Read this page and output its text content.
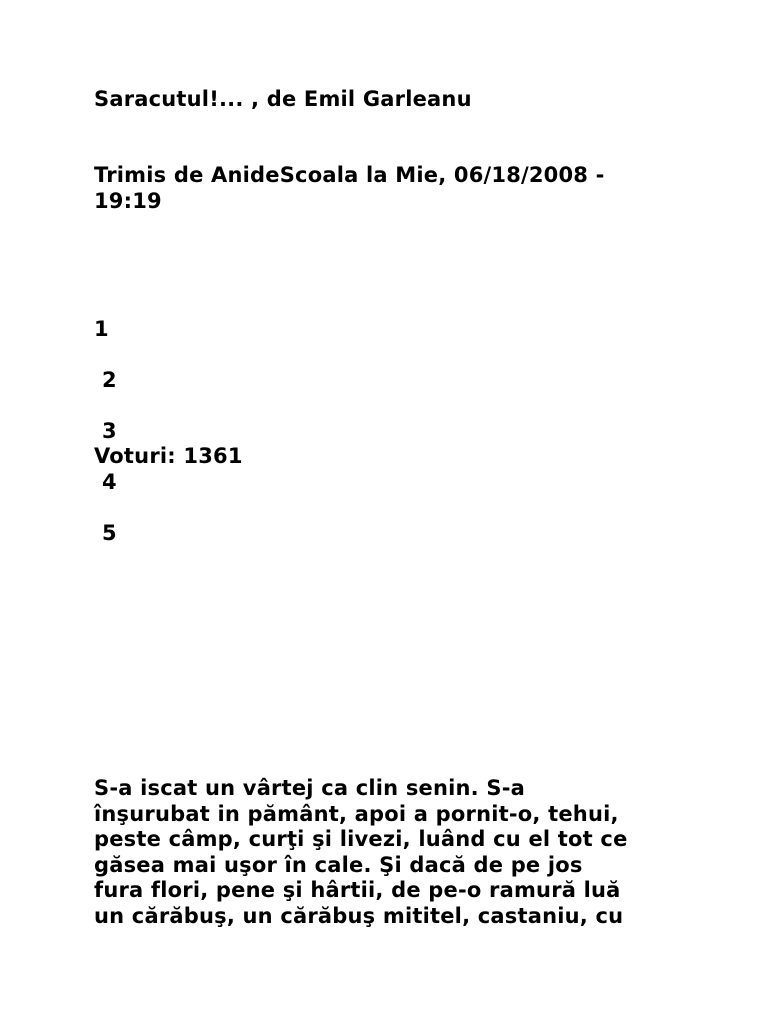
Saracutul!... , de Emil Garleanu
Trimis de AnideScoala la Mie, 06/18/2008 -
19:19

1

2

3

4

5

Voturi: 1361
S-a iscat un vârtej ca clin senin. S-a
înşurubat in pământ, apoi a pornit-o, tehui,
peste câmp, curţi şi livezi, luând cu el tot ce
găsea mai uşor în cale. Şi dacă de pe jos
fura flori, pene şi hârtii, de pe-o ramură luă
un cărăbuş, un cărăbuş mititel, castaniu, cu
